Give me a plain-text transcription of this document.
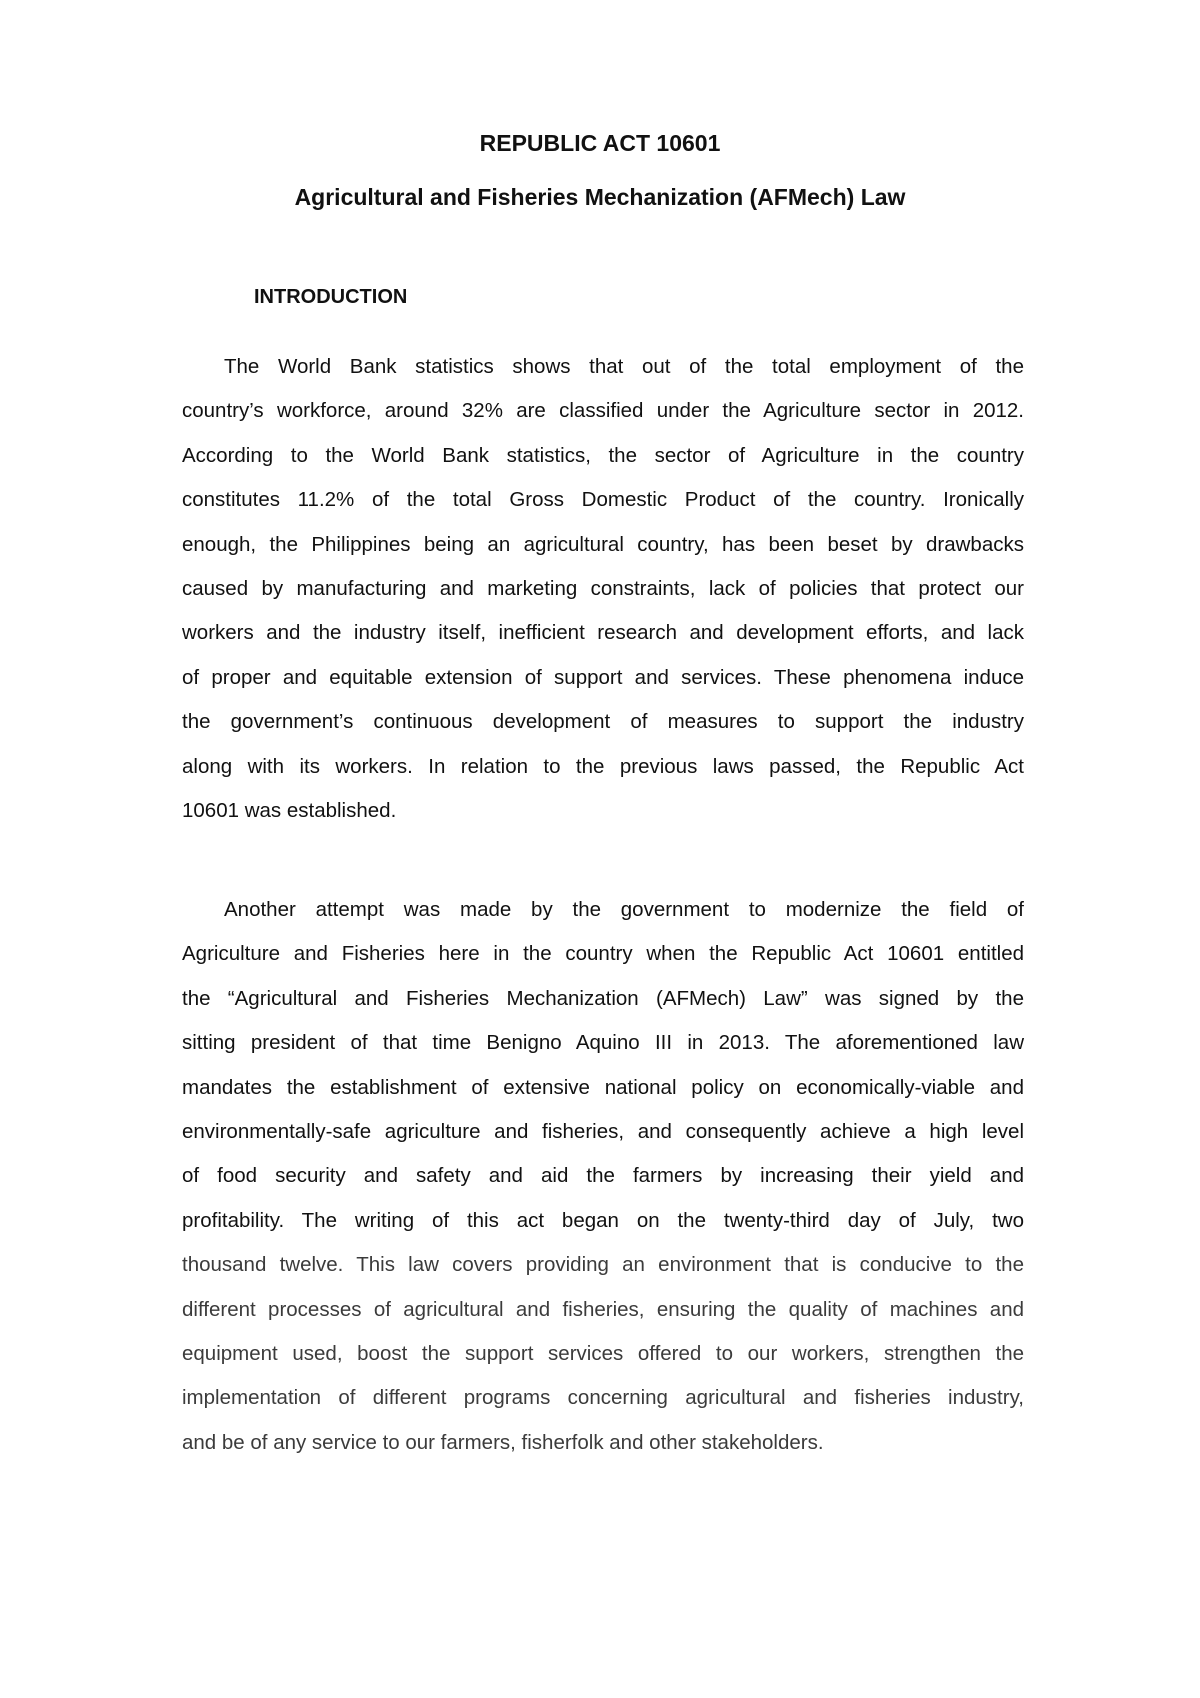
REPUBLIC ACT 10601
Agricultural and Fisheries Mechanization (AFMech) Law
INTRODUCTION
The World Bank statistics shows that out of the total employment of the
country’s workforce, around 32% are classified under the Agriculture sector in 2012.
According to the World Bank statistics, the sector of Agriculture in the country
constitutes 11.2% of the total Gross Domestic Product of the country. Ironically
enough, the Philippines being an agricultural country, has been beset by drawbacks
caused by manufacturing and marketing constraints, lack of policies that protect our
workers and the industry itself, inefficient research and development efforts, and lack
of proper and equitable extension of support and services. These phenomena induce
the government’s continuous development of measures to support the industry
along with its workers. In relation to the previous laws passed, the Republic Act
10601 was established.
Another attempt was made by the government to modernize the field of
Agriculture and Fisheries here in the country when the Republic Act 10601 entitled
the “Agricultural and Fisheries Mechanization (AFMech) Law” was signed by the
sitting president of that time Benigno Aquino III in 2013. The aforementioned law
mandates the establishment of extensive national policy on economically-viable and
environmentally-safe agriculture and fisheries, and consequently achieve a high level
of food security and safety and aid the farmers by increasing their yield and
profitability. The writing of this act began on the twenty-third day of July, two
thousand twelve. This law covers providing an environment that is conducive to the
different processes of agricultural and fisheries, ensuring the quality of machines and
equipment used, boost the support services offered to our workers, strengthen the
implementation of different programs concerning agricultural and fisheries industry,
and be of any service to our farmers, fisherfolk and other stakeholders.
